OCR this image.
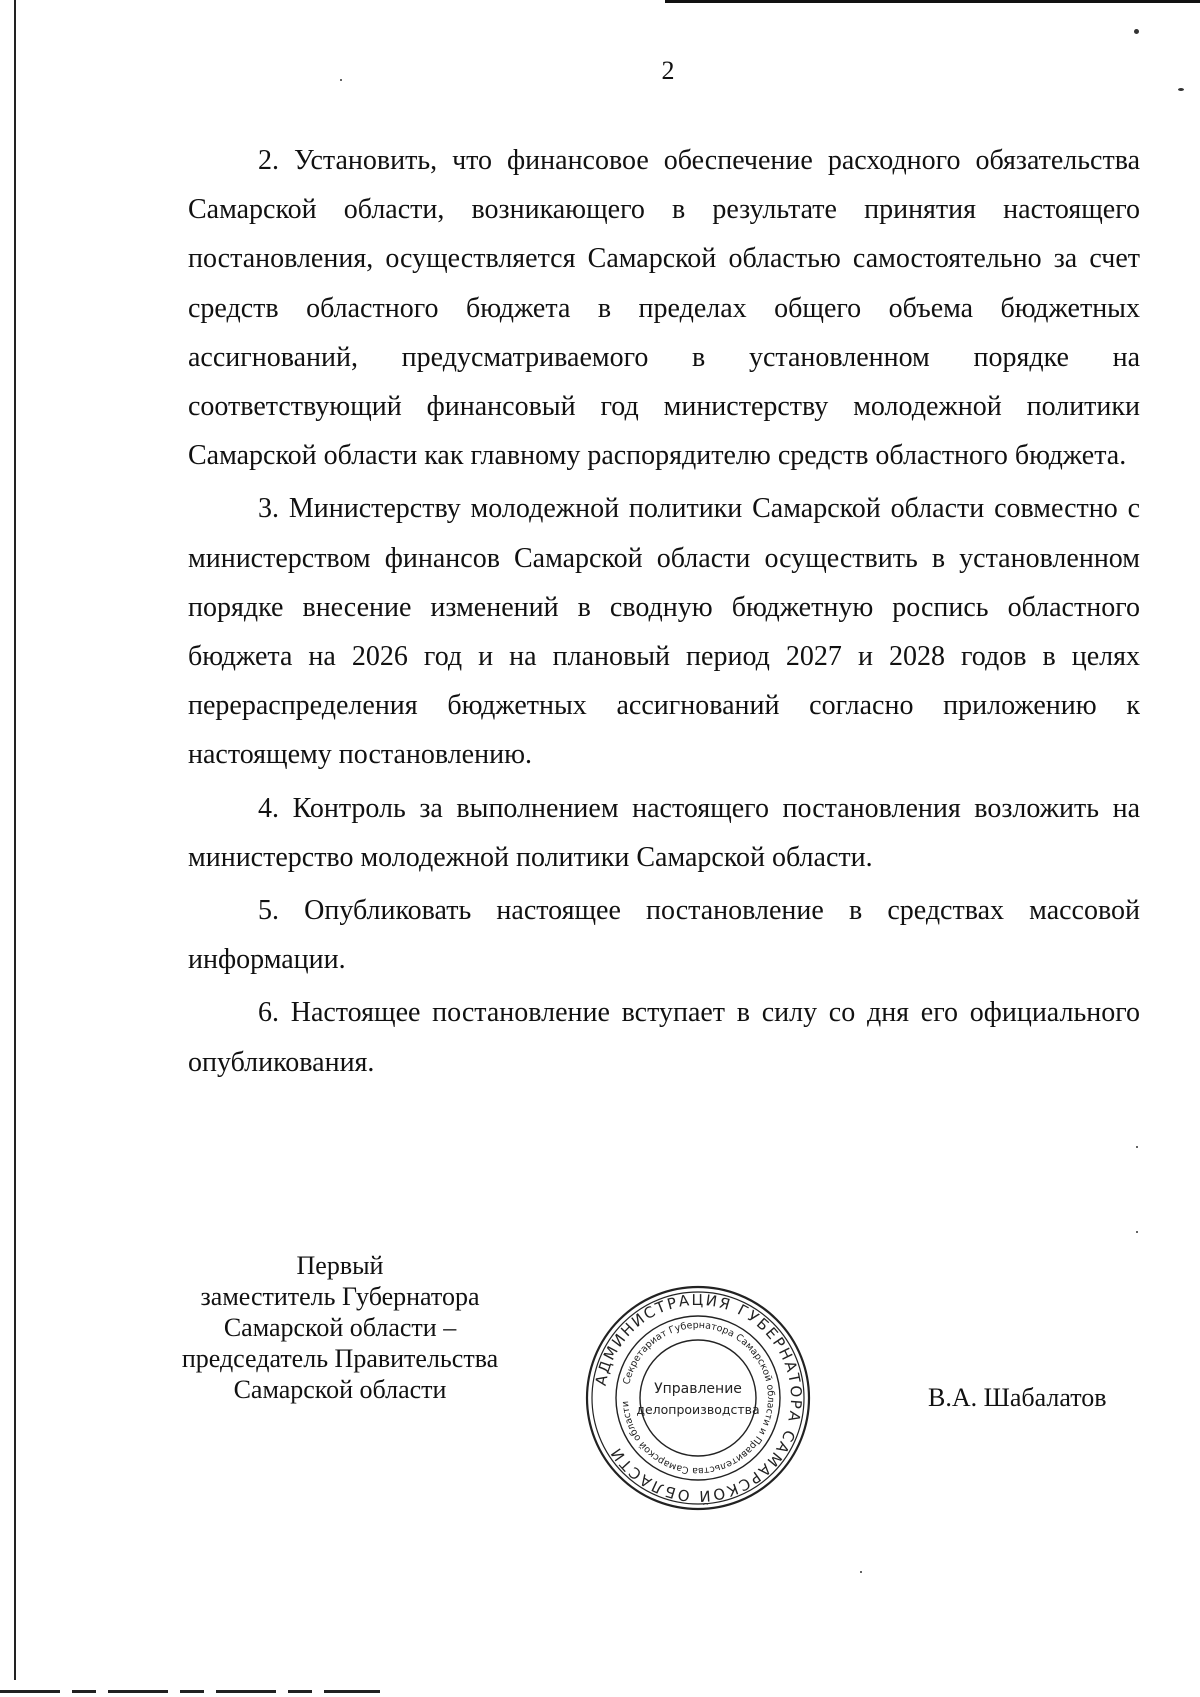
2

2. Установить, что финансовое обеспечение расходного обязательства Самарской области, возникающего в результате принятия настоящего постановления, осуществляется Самарской областью самостоятельно за счет средств областного бюджета в пределах общего объема бюджетных ассигнований, предусматриваемого в установленном порядке на соответствующий финансовый год министерству молодежной политики Самарской области как главному распорядителю средств областного бюджета.

3. Министерству молодежной политики Самарской области совместно с министерством финансов Самарской области осуществить в установленном порядке внесение изменений в сводную бюджетную роспись областного бюджета на 2026 год и на плановый период 2027 и 2028 годов в целях перераспределения бюджетных ассигнований согласно приложению к настоящему постановлению.

4. Контроль за выполнением настоящего постановления возложить на министерство молодежной политики Самарской области.

5. Опубликовать настоящее постановление в средствах массовой информации.

6. Настоящее постановление вступает в силу со дня его официального опубликования.

Первый
заместитель Губернатора
Самарской области –
председатель Правительства
Самарской области	АДМИНИСТРАЦИЯ ГУБЕРНАТОРА САМАРСКОЙ ОБЛАСТИ
Секретариат Губернатора Самарской области и Правительства Самарской области
Управление
делопроизводства	В.А. Шабалатов
